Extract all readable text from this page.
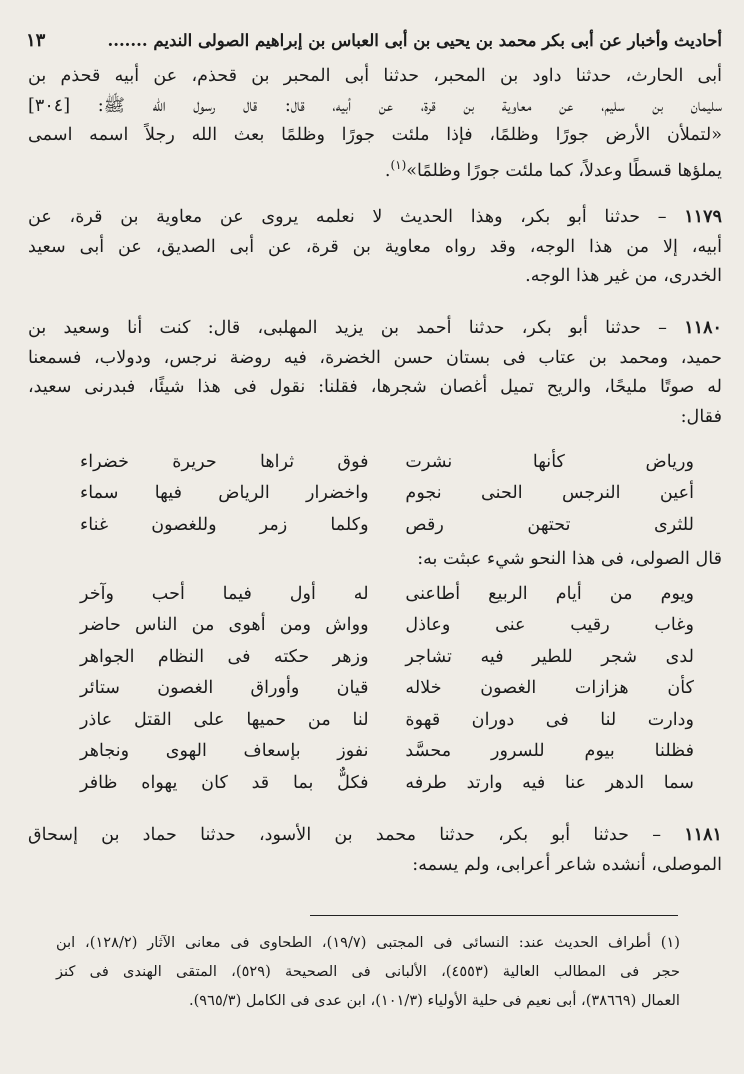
أحاديث وأخبار عن أبى بكر محمد بن يحيى بن أبى العباس بن إبراهيم الصولى النديم .......
١٣
أبى الحارث، حدثنا داود بن المحبر، حدثنا أبى المحبر بن قحذم، عن أبيه قحذم بن
سليمان بن سليم، عن معاوية بن قرة، عن أبيه، قال: قال رسول الله ﷺ: [٣٠٤]
«لتملأن الأرض جورًا وظلمًا، فإذا ملئت جورًا وظلمًا بعث الله رجلاً اسمه اسمى
يملؤها قسطًا وعدلاً، كما ملئت جورًا وظلمًا»$^{(١)}$.
١١٧٩ – حدثنا أبو بكر، وهذا الحديث لا نعلمه يروى عن معاوية بن قرة، عن
أبيه، إلا من هذا الوجه، وقد رواه معاوية بن قرة، عن أبى الصديق، عن أبى سعيد
الخدرى، من غير هذا الوجه.
١١٨٠ – حدثنا أبو بكر، حدثنا أحمد بن يزيد المهلبى، قال: كنت أنا وسعيد بن
حميد، ومحمد بن عتاب فى بستان حسن الخضرة، فيه روضة نرجس، ودولاب، فسمعنا
له صوتًا مليحًا، والريح تميل أغصان شجرها، فقلنا: نقول فى هذا شيئًا، فبدرنى سعيد،
فقال:
ورياض كأنها نشرت
فوق ثراها حريرة خضراء
أعين النرجس الحنى نجوم
واخضرار الرياض فيها سماء
للثرى تحتهن رقص
وكلما زمر وللغصون غناء
قال الصولى، فى هذا النحو شيء عبثت به:
ويوم من أيام الربيع أطاعنى
له أول فيما أحب وآخر
وغاب رقيب عنى وعاذل
وواش ومن أهوى من الناس حاضر
لدى شجر للطير فيه تشاجر
وزهر حكته فى النظام الجواهر
كأن هزازات الغصون خلاله
قيان وأوراق الغصون ستائر
ودارت لنا فى دوران قهوة
لنا من حميها على القتل عاذر
فظلنا بيوم للسرور محسَّد
نفوز بإسعاف الهوى ونجاهر
سما الدهر عنا فيه وارتد طرفه
فكلٌّ بما قد كان يهواه ظافر
١١٨١ – حدثنا أبو بكر، حدثنا محمد بن الأسود، حدثنا حماد بن إسحاق
الموصلى، أنشده شاعر أعرابى، ولم يسمه:
(١) أطراف الحديث عند: النسائى فى المجتبى (١٩/٧)، الطحاوى فى معانى الآثار (١٢٨/٢)، ابن
حجر فى المطالب العالية (٤٥٥٣)، الألبانى فى الصحيحة (٥٢٩)، المتقى الهندى فى كنز
العمال (٣٨٦٦٩)، أبى نعيم فى حلية الأولياء (١٠١/٣)، ابن عدى فى الكامل (٩٦٥/٣).
